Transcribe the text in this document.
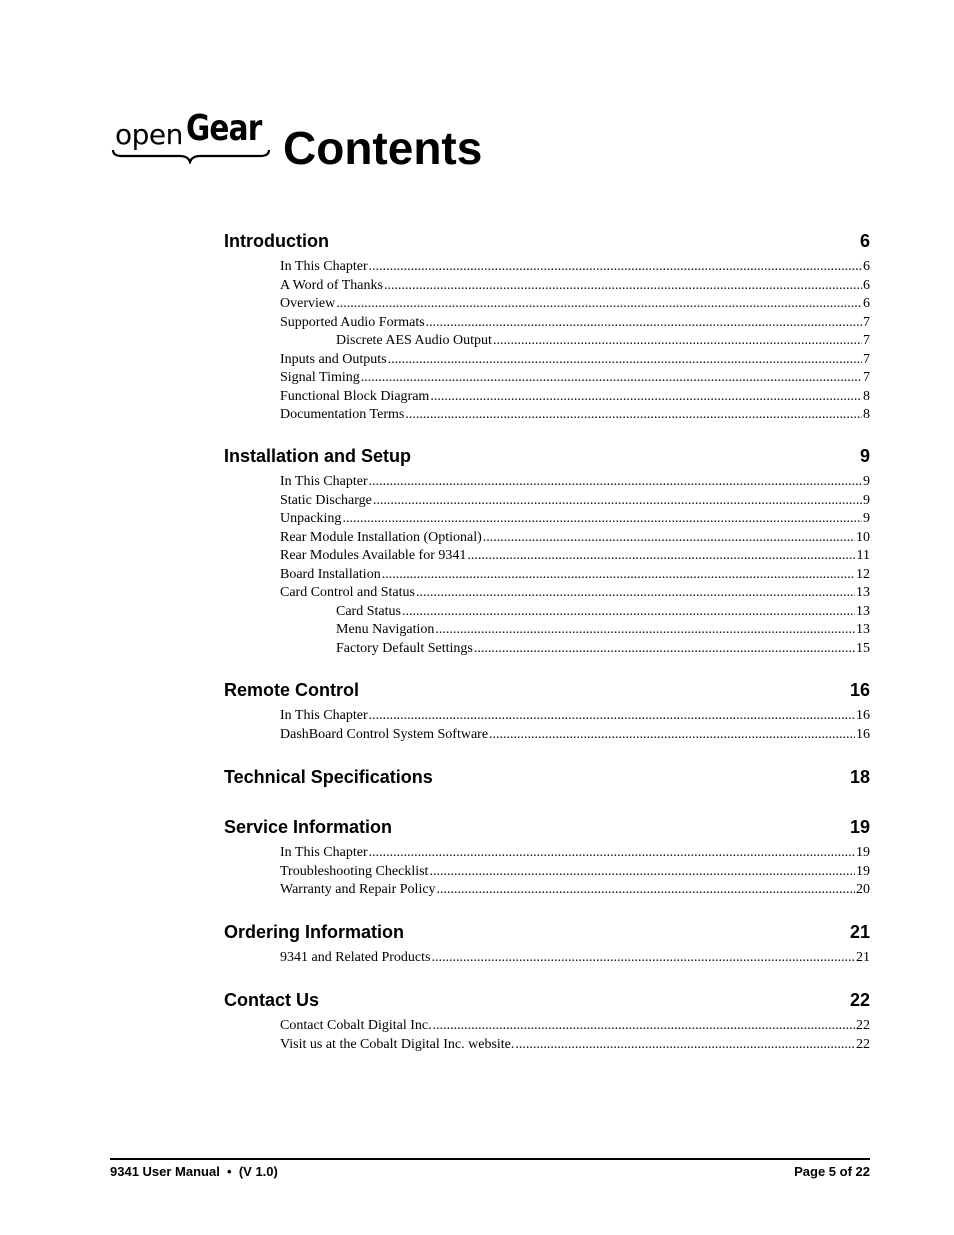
open Gear Contents
Introduction	6
In This Chapter .....	6
A Word of Thanks .....	6
Overview .....	6
Supported Audio Formats .....	7
Discrete AES Audio Output .....	7
Inputs and Outputs .....	7
Signal Timing .....	7
Functional Block Diagram .....	8
Documentation Terms .....	8
Installation and Setup	9
In This Chapter .....	9
Static Discharge .....	9
Unpacking .....	9
Rear Module Installation (Optional) .....	10
Rear Modules Available for 9341 .....	11
Board Installation .....	12
Card Control and Status .....	13
Card Status .....	13
Menu Navigation .....	13
Factory Default Settings .....	15
Remote Control	16
In This Chapter .....	16
DashBoard Control System Software .....	16
Technical Specifications	18
Service Information	19
In This Chapter .....	19
Troubleshooting Checklist .....	19
Warranty and Repair Policy .....	20
Ordering Information	21
9341 and Related Products .....	21
Contact Us	22
Contact Cobalt Digital Inc. .....	22
Visit us at the Cobalt Digital Inc. website. .....	22
9341 User Manual  •  (V 1.0)	Page 5 of 22
